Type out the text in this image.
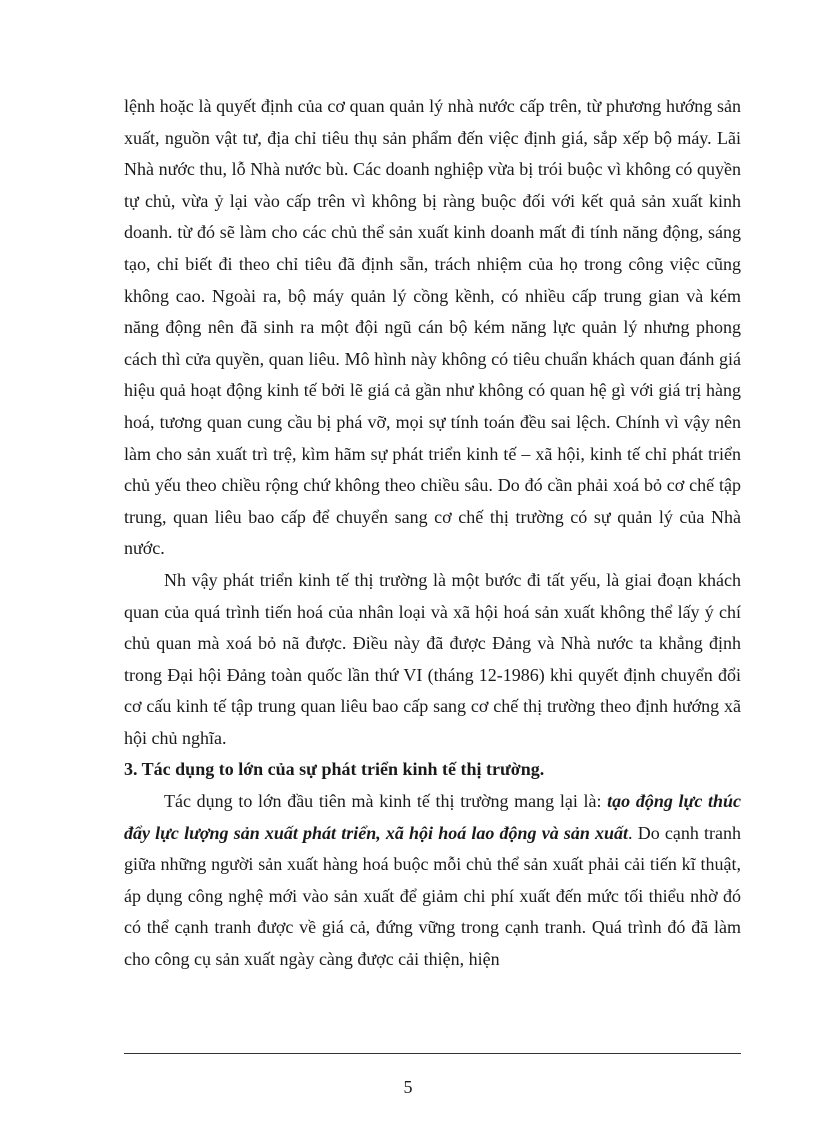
lệnh hoặc là quyết định của cơ quan quản lý nhà nước cấp trên, từ phương hướng sản xuất, nguồn vật tư, địa chỉ tiêu thụ sản phẩm đến việc định giá, sắp xếp bộ máy. Lãi Nhà nước thu, lỗ Nhà nước bù. Các doanh nghiệp vừa bị trói buộc vì không có quyền tự chủ, vừa ỷ lại vào cấp trên vì không bị ràng buộc đối với kết quả sản xuất kinh doanh. từ đó sẽ làm cho các chủ thể sản xuất kinh doanh mất đi tính năng động, sáng tạo, chỉ biết đi theo chỉ tiêu đã định sẵn, trách nhiệm của họ trong công việc cũng không cao. Ngoài ra, bộ máy quản lý cồng kềnh, có nhiều cấp trung gian và kém năng động nên đã sinh ra một đội ngũ cán bộ kém năng lực quản lý nhưng phong cách thì cửa quyền, quan liêu. Mô hình này không có tiêu chuẩn khách quan đánh giá hiệu quả hoạt động kinh tế bởi lẽ giá cả gần như không có quan hệ gì với giá trị hàng hoá, tương quan cung cầu bị phá vỡ, mọi sự tính toán đều sai lệch. Chính vì vậy nên làm cho sản xuất trì trệ, kìm hãm sự phát triển kinh tế – xã hội, kinh tế chỉ phát triển chủ yếu theo chiều rộng chứ không theo chiều sâu. Do đó cần phải xoá bỏ cơ chế tập trung, quan liêu bao cấp để chuyển sang cơ chế thị trường có sự quản lý của Nhà nước.

Nh vậy phát triển kinh tế thị trường là một bước đi tất yếu, là giai đoạn khách quan của quá trình tiến hoá của nhân loại và xã hội hoá sản xuất không thể lấy ý chí chủ quan mà xoá bỏ nã được. Điều này đã được Đảng và Nhà nước ta khẳng định trong Đại hội Đảng toàn quốc lần thứ VI (tháng 12-1986) khi quyết định chuyển đổi cơ cấu kinh tế tập trung quan liêu bao cấp sang cơ chế thị trường theo định hướng xã hội chủ nghĩa.

3. Tác dụng to lớn của sự phát triển kinh tế thị trường.

Tác dụng to lớn đầu tiên mà kinh tế thị trường mang lại là: tạo động lực thúc đẩy lực lượng sản xuất phát triển, xã hội hoá lao động và sản xuất. Do cạnh tranh giữa những người sản xuất hàng hoá buộc mỗi chủ thể sản xuất phải cải tiến kĩ thuật, áp dụng công nghệ mới vào sản xuất để giảm chi phí xuất đến mức tối thiểu nhờ đó có thể cạnh tranh được về giá cả, đứng vững trong cạnh tranh. Quá trình đó đã làm cho công cụ sản xuất ngày càng được cải thiện, hiện

5
